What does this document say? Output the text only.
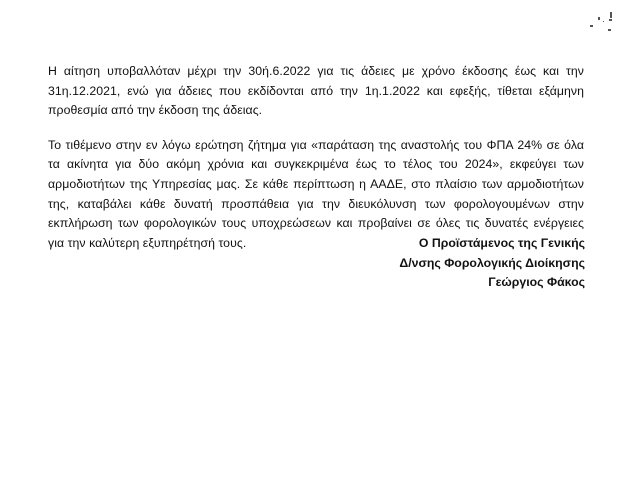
Η αίτηση υποβαλλόταν μέχρι την 30ή.6.2022 για τις άδειες με χρόνο έκδοσης έως και την
31η.12.2021, ενώ για άδειες που εκδίδονται από την 1η.1.2022 και εφεξής, τίθεται εξάμηνη
προθεσμία από την έκδοση της άδειας.

Το τιθέμενο στην εν λόγω ερώτηση ζήτημα για «παράταση της αναστολής του ΦΠΑ 24% σε όλα
τα ακίνητα για δύο ακόμη χρόνια και συγκεκριμένα έως το τέλος του 2024», εκφεύγει των
αρμοδιοτήτων της Υπηρεσίας μας. Σε κάθε περίπτωση η ΑΑΔΕ, στο πλαίσιο των αρμοδιοτήτων
της, καταβάλει κάθε δυνατή προσπάθεια για την διευκόλυνση των φορολογουμένων στην
εκπλήρωση των φορολογικών τους υποχρεώσεων και προβαίνει σε όλες τις δυνατές ενέργειες
για την καλύτερη εξυπηρέτησή τους.	Ο Προϊστάμενος της Γενικής
Δ/νσης Φορολογικής Διοίκησης
Γεώργιος Φάκος
